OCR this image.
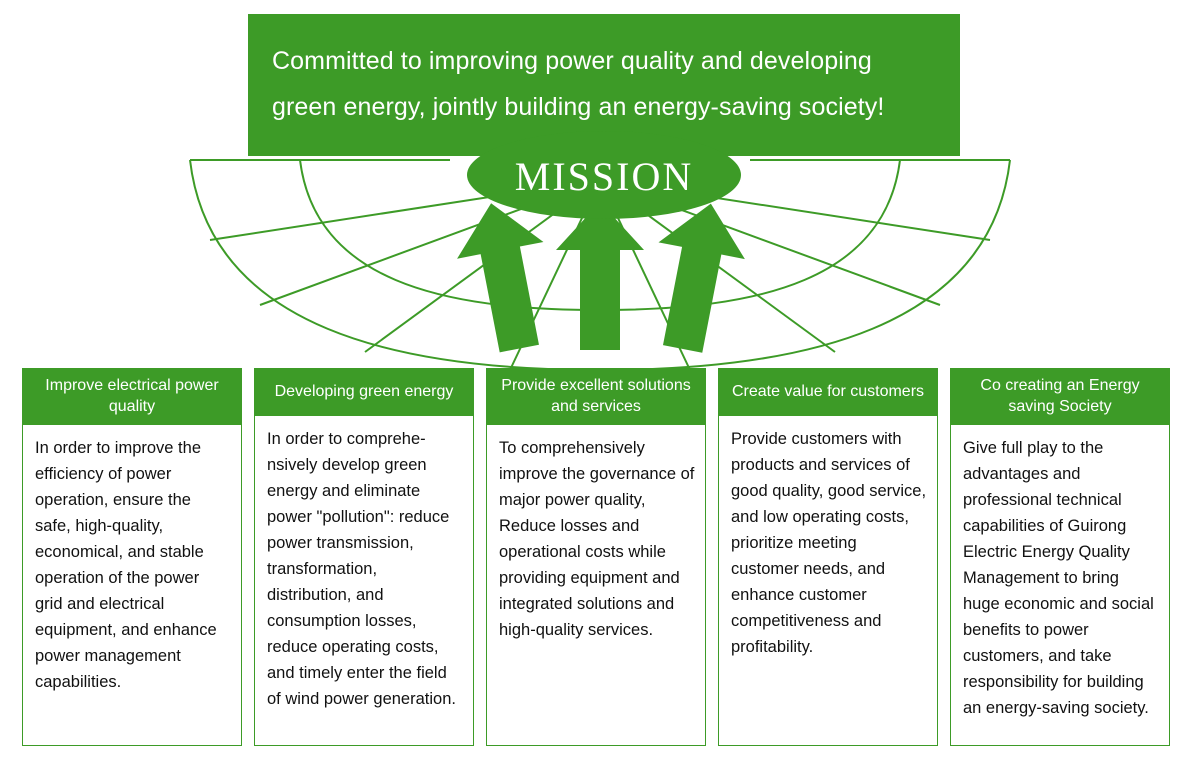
Committed to improving power quality and developing
green energy, jointly building an energy-saving society!
MISSION
Improve electrical power quality
In order to improve the efficiency of power operation, ensure the safe, high-quality, economical, and stable operation of the power grid and electrical equipment, and enhance power management capabilities.
Developing green energy
In order to comprehe-nsively develop green energy and eliminate power "pollution": reduce power transmission, transformation, distribution, and consumption losses, reduce operating costs, and timely enter the field of wind power generation.
Provide excellent solutions and services
To comprehensively improve the governance of major power quality, Reduce losses and operational costs while providing equipment and integrated solutions and high-quality services.
Create value for customers
Provide customers with products and services of good quality, good service, and low operating costs, prioritize meeting customer needs, and enhance customer competitiveness and profitability.
Co creating an Energy saving Society
Give full play to the advantages and professional technical capabilities of Guirong Electric Energy Quality Management to bring huge economic and social benefits to power customers, and take responsibility for building an energy-saving society.
